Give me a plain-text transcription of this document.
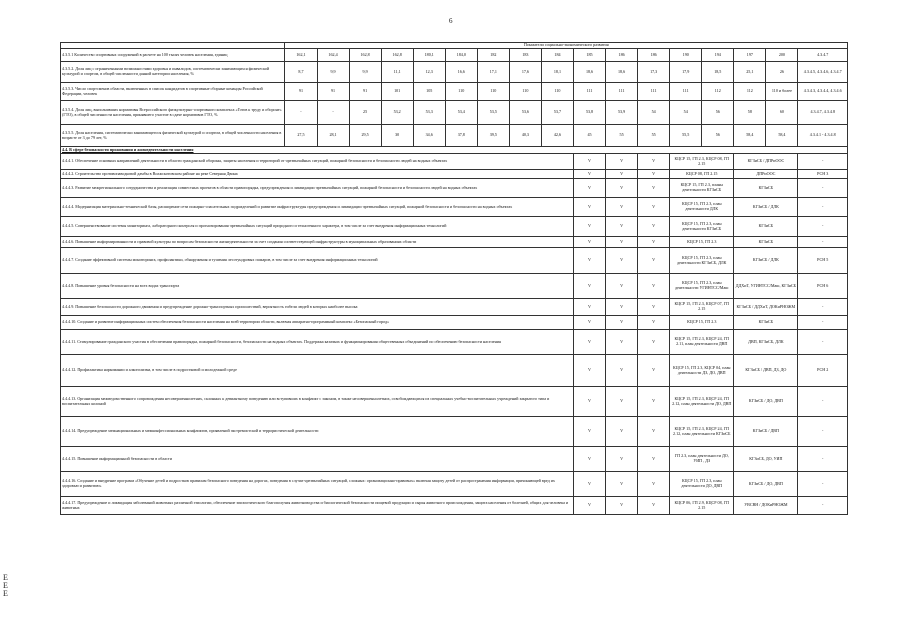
6
E
E
E
	Показатели социально-экономического развития																
4.3.5.1 Количество спортивных сооружений в расчете на 100 тысяч человек населения, единиц	162,1	162,4	162,8	162,8	180,1	184,0	182	183	184	185	186	186	190	194	197	200	4.3.4.7
4.3.5.2. Доля лиц с ограниченными возможностями здоровья и инвалидов, систематически занимающихся физической культурой и спортом, в общей численности данной категории населения, %	8,7	9,9	9,9	11,1	12,3	16,6	17,1	17,6	18,1	18,6	18,6	17,3	17,9	18,5	25,1	26	4.3.4.5, 4.3.4.6, 4.3.4.7
4.3.5.3. Число спортсменов области, включенных в список кандидатов в спортивные сборные команды Российской Федерации, человек	91	91	91	101	105	110	110	110	110	111	111	111	111	112	112	110 и более	4.3.4.3, 4.3.4.4, 4.3.4.6
4.3.5.4. Доля лиц, выполнивших нормативы Всероссийского физкультурно-спортивного комплекса «Готов к труду и обороне» (ГТО), в общей численности населения, принявшего участие в сдаче нормативов ГТО, %	-	-	25	53,2	53,3	53,4	53,5	53,6	53,7	53,8	53,9	54	54	56	58	60	4.3.4.7, 4.3.4.8
4.3.5.5. Доля населения, систематически занимающегося физической культурой и спортом, в общей численности населения в возрасте от 3 до 79 лет, %	27,5	28,1	29,5	30	34,6	37,8	39,5	40,3	42,6	45	55	55	55,5	56	58,4	58,4	4.3.4.1 - 4.3.4.8
4.4. В сфере безопасности проживания и жизнедеятельности населения																	
4.4.4.1. Обеспечение основных направлений деятельности в области гражданской обороны, защиты населения и территорий от чрезвычайных ситуаций, пожарной безопасности и безопасности людей на водных объектах										V	V	V	КЦСР 15, ГП 2.3, КЦСР 08, ГП 2.15		КГЗиСБ / ДПРиООС		-
4.4.4.2. Строительство противопаводковой дамбы в Волжскотовском районе на реке Северная Двина										V	V	V	КЦСР 08, ГП 2.15		ДПРиООС		РСН 3
4.4.4.3. Развитие межрегионального сотрудничества и реализация совместных проектов в области правопорядка, предупреждения и ликвидации чрезвычайных ситуаций, пожарной безопасности и безопасности людей на водных объектах										V	V	V	КЦСР 15, ГП 2.3, планы деятельности КГЗиСБ		КГЗиСБ		-
4.4.4.4. Модернизация материально-технической базы, расширение сети пожарно-спасательных подразделений и развитие инфраструктуры предупреждения и ликвидации чрезвычайных ситуаций, пожарной безопасности и безопасности на водных объектах										V	V	V	КЦСР 15, ГП 2.3, план деятельности ДЛК		КГЗиСБ / ДЛК		-
4.4.4.5. Совершенствование системы мониторинга, лабораторного контроля и прогнозирования чрезвычайных ситуаций природного и техногенного характера, в том числе за счет внедрения информационных технологий										V	V	V	КЦСР 15, ГП 2.3, план деятельности КГЗиСБ		КГЗиСБ		-
4.4.4.6. Повышение информированности и правовой культуры по вопросам безопасности жизнедеятельности за счет создания соответствующей инфраструктуры в муниципальных образованиях области										V	V	V	КЦСР 15, ГП 2.3		КГЗиСБ		-
4.4.4.7. Создание эффективной системы мониторинга, профилактики, обнаружения и тушения лесотундровых пожаров, в том числе за счет внедрения информационных технологий										V	V	V	КЦСР 15, ГП 2.3, план деятельности КГЗиСБ, ДЛК		КГЗиСБ / ДЛК		РСН 5
4.4.4.8. Повышение уровня безопасности на всех видах транспорта										V	V	V	КЦСР 15, ГП 2.3, план деятельности УГИНТСС/Маш		ДДХиТ, УГИНТСС/Маш, КГЗиСБ		РСН 6
4.4.4.9. Повышение безопасности дорожного движения и предупреждение дорожно-транспортных происшествий, вероятность гибели людей в которых наиболее высока										V	V	V	КЦСР 15, ГП 2.3, КЦСР 07, ГП 2.15		КГЗиСБ / ДДХиТ, ДОКиРНОЖМ		-
4.4.4.10. Создание и развитие информационных систем обеспечения безопасности населения на всей территории области, включая аппаратно-программный комплекс «Безопасный город»										V	V	V	КЦСР 15, ГП 2.3		КГЗиСБ		-
4.4.4.11. Стимулирование гражданского участия в обеспечении правопорядка, пожарной безопасности, безопасности на водных объектах. Поддержка казачьих и функционирования общественных объединений по обеспечению безопасности населения										V	V	V	КЦСР 15, ГП 2.3, КЦСР 24, ГП 2.11, план деятельности ДВП		ДВП, КГЗиСБ, ДЛК		-
4.4.4.12. Профилактика наркомании и алкоголизма, в том числе в подростковой и молодежной среде										V	V	V	КЦСР 15, ГП 2.3, КЦСР 04, план деятельности ДЗ, ДО, ДВП		КГЗиСБ / ДВП, ДЗ, ДО		РСН 2
4.4.4.13. Организация межведомственного сопровождения несовершеннолетних, склонных к девиантному поведению или вступивших в конфликт с законом, в также несовершеннолетних, освобождающихся из специальных учебно-воспитательных учреждений закрытого типа и воспитательных колоний										V	V	V	КЦСР 15, ГП 2.3, КЦСР 24, ГП 2.12, план деятельности ДО, ДВП		КГЗиСБ / ДО, ДВП		-
4.4.4.14. Предупреждение межнациональных и межконфессиональных конфликтов, проявлений экстремистской и террористической деятельности										V	V	V	КЦСР 15, ГП 2.3, КЦСР 24, ГП 2.12, план деятельности КГЗиСБ		КГЗиСБ / ДВП		-
4.4.4.15. Повышение информационной безопасности в области										V	V	V	ГП 2.3, план деятельности ДО, УИП , ДЗ		КГЗиСБ, ДО, УИП		-
4.4.4.16. Создание и внедрение программ «Обучение детей и подростков правилам безопасного поведения на дорогах, поведения в случае чрезвычайных ситуаций, сложных: организационно-правовых» включая защиту детей от распространения информации, причиняющей вред их здоровью и развитию»										V	V	V	КЦСР 15, ГП 2.3, план деятельности ДО, ДВП		КГЗиСБ / ДО, ДВП		-
4.4.4.17. Предупреждение и ликвидация заболеваний животных различной этиологии, обеспечение эпизоотического благополучия животноводства и биологической безопасности пищевой продукции и сырья животного происхождения, защита населения от болезней, общих для человека и животных										V	V	V	КЦСР 06, ГП 2.9, КЦСР 08, ГП 2.15		УВСВН / ДОКиРНОЖМ		-
